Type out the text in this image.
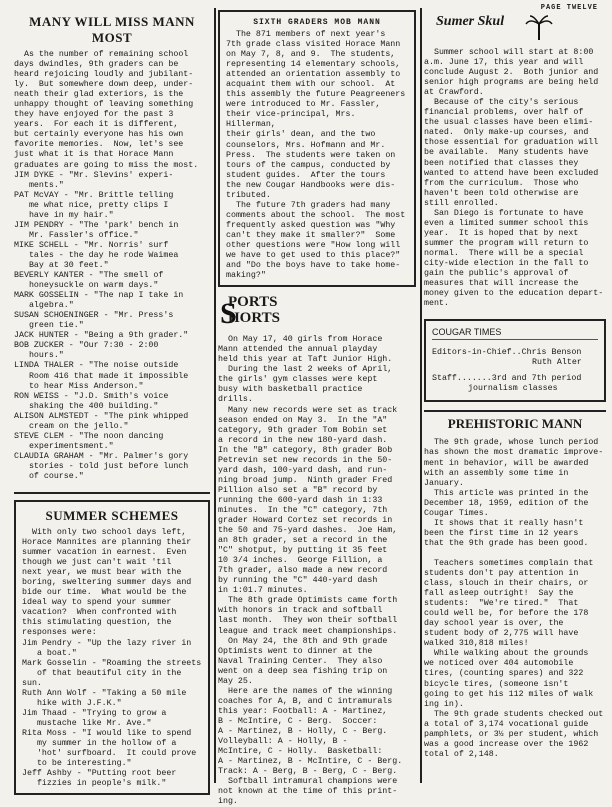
PAGE TWELVE
MANY WILL MISS MANN MOST

As the number of remaining school

days dwindles, 9th graders can be

heard rejoicing loudly and jubilant-

ly.  But somewhere down deep, under-

neath their glad exteriors, is the

unhappy thought of leaving something

they have enjoyed for the past 3

years.  For each it is different,

but certainly everyone has his own

favorite memories.  Now, let's see

just what it is that Horace Mann

graduates are going to miss the most.

JIM DYKE - "Mr. Slevins' experi-

ments."

PAT McVAY - "Mr. Brittle telling

me what nice, pretty clips I

have in my hair."

JIM PENDRY - "The 'park' bench in

Mr. Fassler's office."

MIKE SCHELL - "Mr. Norris' surf

tales - the day he rode Waimea

Bay at 30 feet."

BEVERLY KANTER - "The smell of

honeysuckle on warm days."

MARK GOSSELIN - "The nap I take in

algebra."

SUSAN SCHOENINGER - "Mr. Press's

green tie."

JACK HUNTER - "Being a 9th grader."

BOB ZUCKER - "Our 7:30 - 2:00

hours."

LINDA THALER - "The noise outside

Room 416 that made it impossible

to hear Miss Anderson."

RON WEISS - "J.D. Smith's voice

shaking the 400 building."

ALISON ALMSTEDT - "The pink whipped

cream on the jello."

STEVE CLEM - "The noon dancing

experimentsment."

CLAUDIA GRAHAM - "Mr. Palmer's gory

stories - told just before lunch

of course."

SUMMER SCHEMES

With only two school days left,

Horace Mannites are planning their

summer vacation in earnest.  Even

though we just can't wait 'til

next year, we must bear with the

boring, sweltering summer days and

bide our time.  What would be the

ideal way to spend your summer

vacation?  When confronted with

this stimulating question, the

responses were:

Jim Pendry - "Up the lazy river in

a boat."

Mark Gosselin - "Roaming the streets

of that beautiful city in the sun.

Ruth Ann Wolf - "Taking a 50 mile

hike with J.F.K."

Jim Thaad - "Trying to grow a

mustache like Mr. Ave."

Rita Moss - "I would like to spend

my summer in the hollow of a

'hot' surfboard.  It could prove

to be interesting."

Jeff Ashby - "Putting root beer

fizzies in people's milk."

SIXTH GRADERS MOB MANN

The 871 members of next year's

7th grade class visited Horace Mann

on May 7, 8, and 9.  The students,

representing 14 elementary schools,

attended an orientation assembly to

acquaint them with our school.  At

this assembly the future Peagreeners

were introduced to Mr. Fassler,

their vice-principal, Mrs. Hillerman,

their girls' dean, and the two

counselors, Mrs. Hofmann and Mr.

Press.  The students were taken on

tours of the campus, conducted by

student guides.  After the tours

the new Cougar Handbooks were dis-

tributed.

The future 7th graders had many

comments about the school.  The most

frequently asked question was "Why

can't they make it smaller?"  Some

other questions were "How long will

we have to get used to this place?"

and "Do the boys have to take home-

making?"

S
PORTS
HORTS

On May 17, 40 girls from Horace

Mann attended the annual playday

held this year at Taft Junior High.

During the last 2 weeks of April,

the girls' gym classes were kept

busy with basketball practice

drills.

Many new records were set as track

season ended on May 3.  In the "A"

category, 9th grader Tom Bobin set

a record in the new 180-yard dash.

In the "B" category, 8th grader Bob

Petrevin set new records in the 50-

yard dash, 100-yard dash, and run-

ning broad jump.  Ninth grader Fred

Pillion also set a "B" record by

running the 600-yard dash in 1:33

minutes.  In the "C" category, 7th

grader Howard Cortez set records in

the 50 and 75-yard dashes.  Joe Ham,

an 8th grader, set a record in the

"C" shotput, by putting it 35 feet

10 3/4 inches.  George Fillion, a

7th grader, also made a new record

by running the "C" 440-yard dash

in 1:01.7 minutes.

The 8th grade Optimists came forth

with honors in track and softball

last month.  They won their softball

league and track meet championships.

On May 24, the 8th and 9th grade

Optimists went to dinner at the

Naval Training Center.  They also

went on a deep sea fishing trip on

May 25.

Here are the names of the winning

coaches for A, B, and C intramurals

this year: Football: A - Martinez,

B - McIntire, C - Berg.  Soccer:

A - Martinez, B - Holly, C - Berg.

Volleyball: A - Holly, B -

McIntire, C - Holly.  Basketball:

A - Martinez, B - McIntire, C - Berg.

Track: A - Berg, B - Berg, C - Berg.

Softball intramural champions were

not known at the time of this print-

ing.

Sumer Skul

Summer school will start at 8:00

a.m. June 17, this year and will

conclude August 2.  Both junior and

senior high programs are being held

at Crawford.

Because of the city's serious

financial problems, over half of

the usual classes have been elimi-

nated.  Only make-up courses, and

those essential for graduation will

be available.  Many students have

been notified that classes they

wanted to attend have been excluded

from the curriculum.  Those who

haven't been told otherwise are

still enrolled.

San Diego is fortunate to have

even a limited summer school this

year.  It is hoped that by next

summer the program will return to

normal.  There will be a special

city-wide election in the fall to

gain the public's approval of

measures that will increase the

money given to the education depart-

ment.

COUGAR TIMES

Editors-in-Chief..Chris Benson

Ruth Alter

Staff.......3rd and 7th period

journalism classes

PREHISTORIC MANN

The 9th grade, whose lunch period

has shown the most dramatic improve-

ment in behavior, will be awarded

with an assembly some time in

January.

This article was printed in the

December 18, 1959, edition of the

Cougar Times.

It shows that it really hasn't

been the first time in 12 years

that the 9th grade has been good.

Teachers sometimes complain that

students don't pay attention in

class, slouch in their chairs, or

fall asleep outright!  Say the

students:  "We're tired."  That

could well be, for before the 178

day school year is over, the

student body of 2,775 will have

walked 310,818 miles!

While walking about the grounds

we noticed over 404 automobile

tires, (counting spares) and 322

bicycle tires, (someone isn't

going to get his 112 miles of walk

ing in).

The 9th grade students checked out

a total of 3,174 vocational guide

pamphlets, or 3½ per student, which

was a good increase over the 1962

total of 2,148.
